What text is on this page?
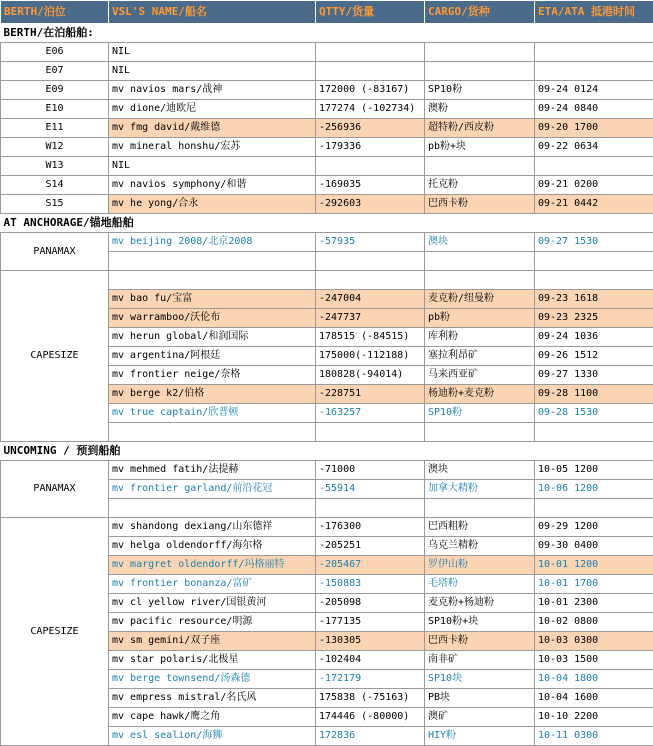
BERTH/泊位	VSL'S NAME/船名	QTTY/货量	CARGO/货种	ETA/ATA 抵港时间
BERTH/在泊船舶:				
E06	NIL			
E07	NIL			
E09	mv navios mars/战神	172000 (-83167)	SP10粉	09-24 0124
E10	mv dione/迪欧尼	177274 (-102734)	澳粉	09-24 0840
E11	mv fmg david/戴维德	-256936	超特粉/西皮粉	09-20 1700
W12	mv mineral honshu/宏苏	-179336	pb粉+块	09-22 0634
W13	NIL			
S14	mv navios symphony/和谐	-169035	托克粉	09-21 0200
S15	mv he yong/合永	-292603	巴西卡粉	09-21 0442
AT ANCHORAGE/锚地船舶				
PANAMAX	mv beijing 2008/北京2008	-57935	澳块	09-27 1530

CAPESIZE				
	mv bao fu/宝富	-247004	麦克粉/纽曼粉	09-23 1618
	mv warramboo/沃伦布	-247737	pb粉	09-23 2325
	mv herun global/和润国际	178515 (-84515)	库利粉	09-24 1036
	mv argentina/阿根廷	175000(-112188)	塞拉利昂矿	09-26 1512
	mv frontier neige/奈格	180828(-94014)	马来西亚矿	09-27 1330
	mv berge k2/伯格	-228751	杨迪粉+麦克粉	09-28 1100
	mv true captain/欣普顿	-163257	SP10粉	09-28 1530

UNCOMING / 预到船舶				
PANAMAX	mv mehmed fatih/法提赫	-71000	澳块	10-05 1200
	mv frontier garland/前沿花冠	-55914	加拿大精粉	10-06 1200

CAPESIZE	mv shandong dexiang/山东德祥	-176300	巴西粗粉	09-29 1200
	mv helga oldendorff/海尔格	-205251	乌克兰精粉	09-30 0400
	mv margret oldendorff/玛格丽特	-205467	罗伊山粉	10-01 1200
	mv frontier bonanza/富矿	-150883	毛塔粉	10-01 1700
	mv cl yellow river/国银黄河	-205098	麦克粉+杨迪粉	10-01 2300
	mv pacific resource/明源	-177135	SP10粉+块	10-02 0800
	mv sm gemini/双子座	-130305	巴西卡粉	10-03 0300
	mv star polaris/北极星	-102404	南非矿	10-03 1500
	mv berge townsend/汤森德	-172179	SP10块	10-04 1800
	mv empress mistral/名氏风	175838 (-75163)	PB块	10-04 1600
	mv cape hawk/鹰之角	174446 (-80000)	澳矿	10-10 2200
	mv esl sealion/海狮	172836	HIY粉	10-11 0300
